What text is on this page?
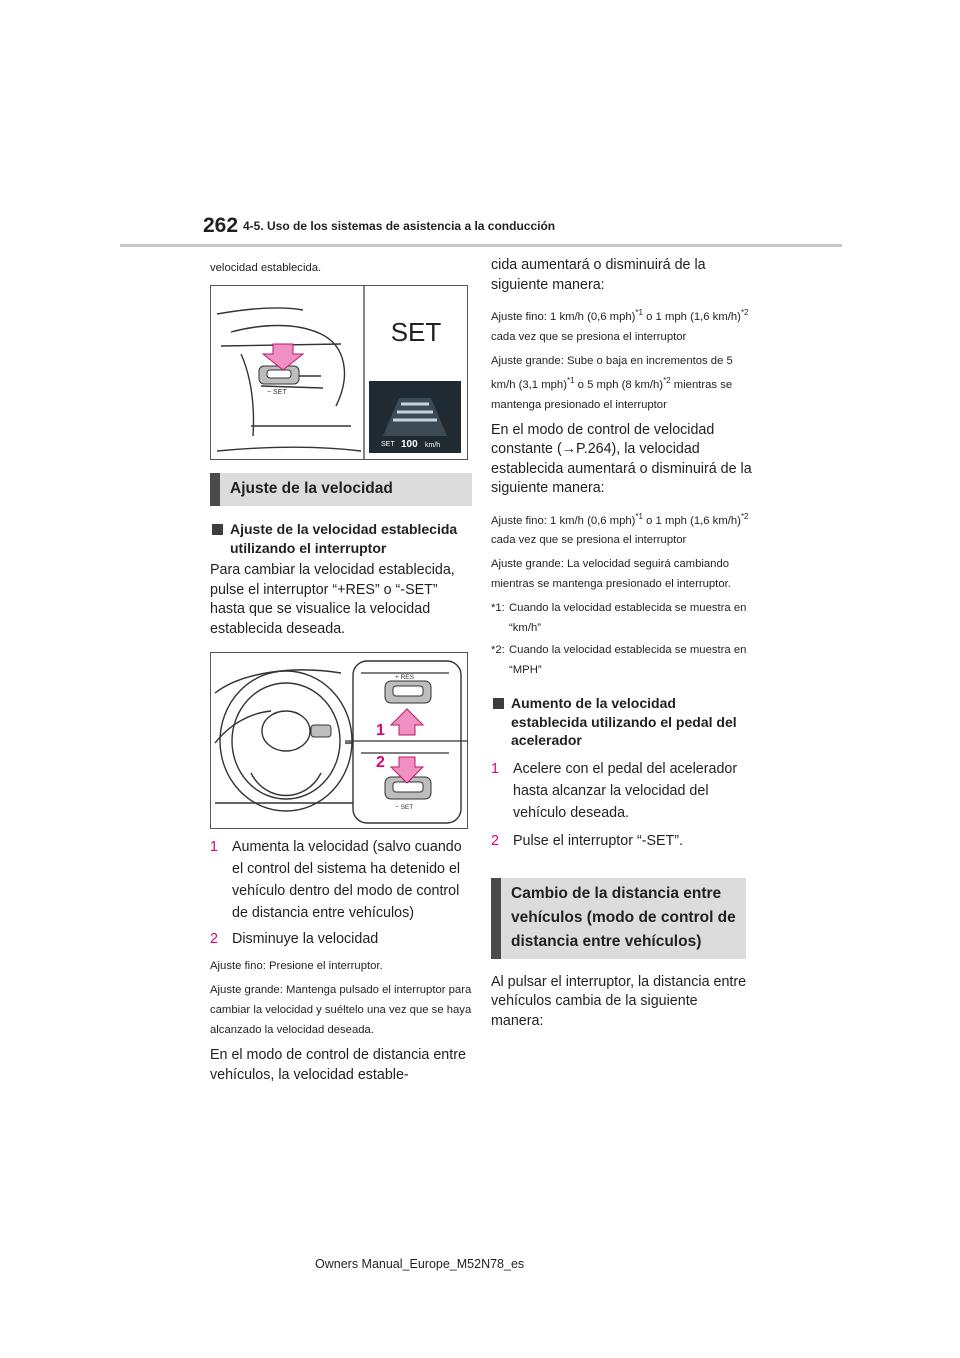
262 4-5. Uso de los sistemas de asistencia a la conducción

velocidad establecida.

− SET
SET
SET 100 km/h
Ajuste de la velocidad
Ajuste de la velocidad establecida utilizando el interruptor

Para cambiar la velocidad establecida, pulse el interruptor “+RES” o “-SET” hasta que se visualice la velocidad establecida deseada.

+ RES
1
− SET
2
1 Aumenta la velocidad (salvo cuando el control del sistema ha detenido el vehículo dentro del modo de control de distancia entre vehículos)
2 Disminuye la velocidad

Ajuste fino: Presione el interruptor.

Ajuste grande: Mantenga pulsado el interruptor para cambiar la velocidad y suéltelo una vez que se haya alcanzado la velocidad deseada.

En el modo de control de distancia entre vehículos, la velocidad estable-

cida aumentará o disminuirá de la siguiente manera:

Ajuste fino: 1 km/h (0,6 mph)$^{*1}$ o 1 mph (1,6 km/h)$^{*2}$ cada vez que se presiona el interruptor

Ajuste grande: Sube o baja en incrementos de 5 km/h (3,1 mph)$^{*1}$ o 5 mph (8 km/h)$^{*2}$ mientras se mantenga presionado el interruptor

En el modo de control de velocidad constante (→P.264), la velocidad establecida aumentará o disminuirá de la siguiente manera:

Ajuste fino: 1 km/h (0,6 mph)$^{*1}$ o 1 mph (1,6 km/h)$^{*2}$ cada vez que se presiona el interruptor

Ajuste grande: La velocidad seguirá cambiando mientras se mantenga presionado el interruptor.

*1: Cuando la velocidad establecida se muestra en “km/h”
*2: Cuando la velocidad establecida se muestra en “MPH”
Aumento de la velocidad establecida utilizando el pedal del acelerador
1 Acelere con el pedal del acelerador hasta alcanzar la velocidad del vehículo deseada.
2 Pulse el interruptor “-SET”.
Cambio de la distancia entre vehículos (modo de control de distancia entre vehículos)

Al pulsar el interruptor, la distancia entre vehículos cambia de la siguiente manera:

Owners Manual_Europe_M52N78_es
